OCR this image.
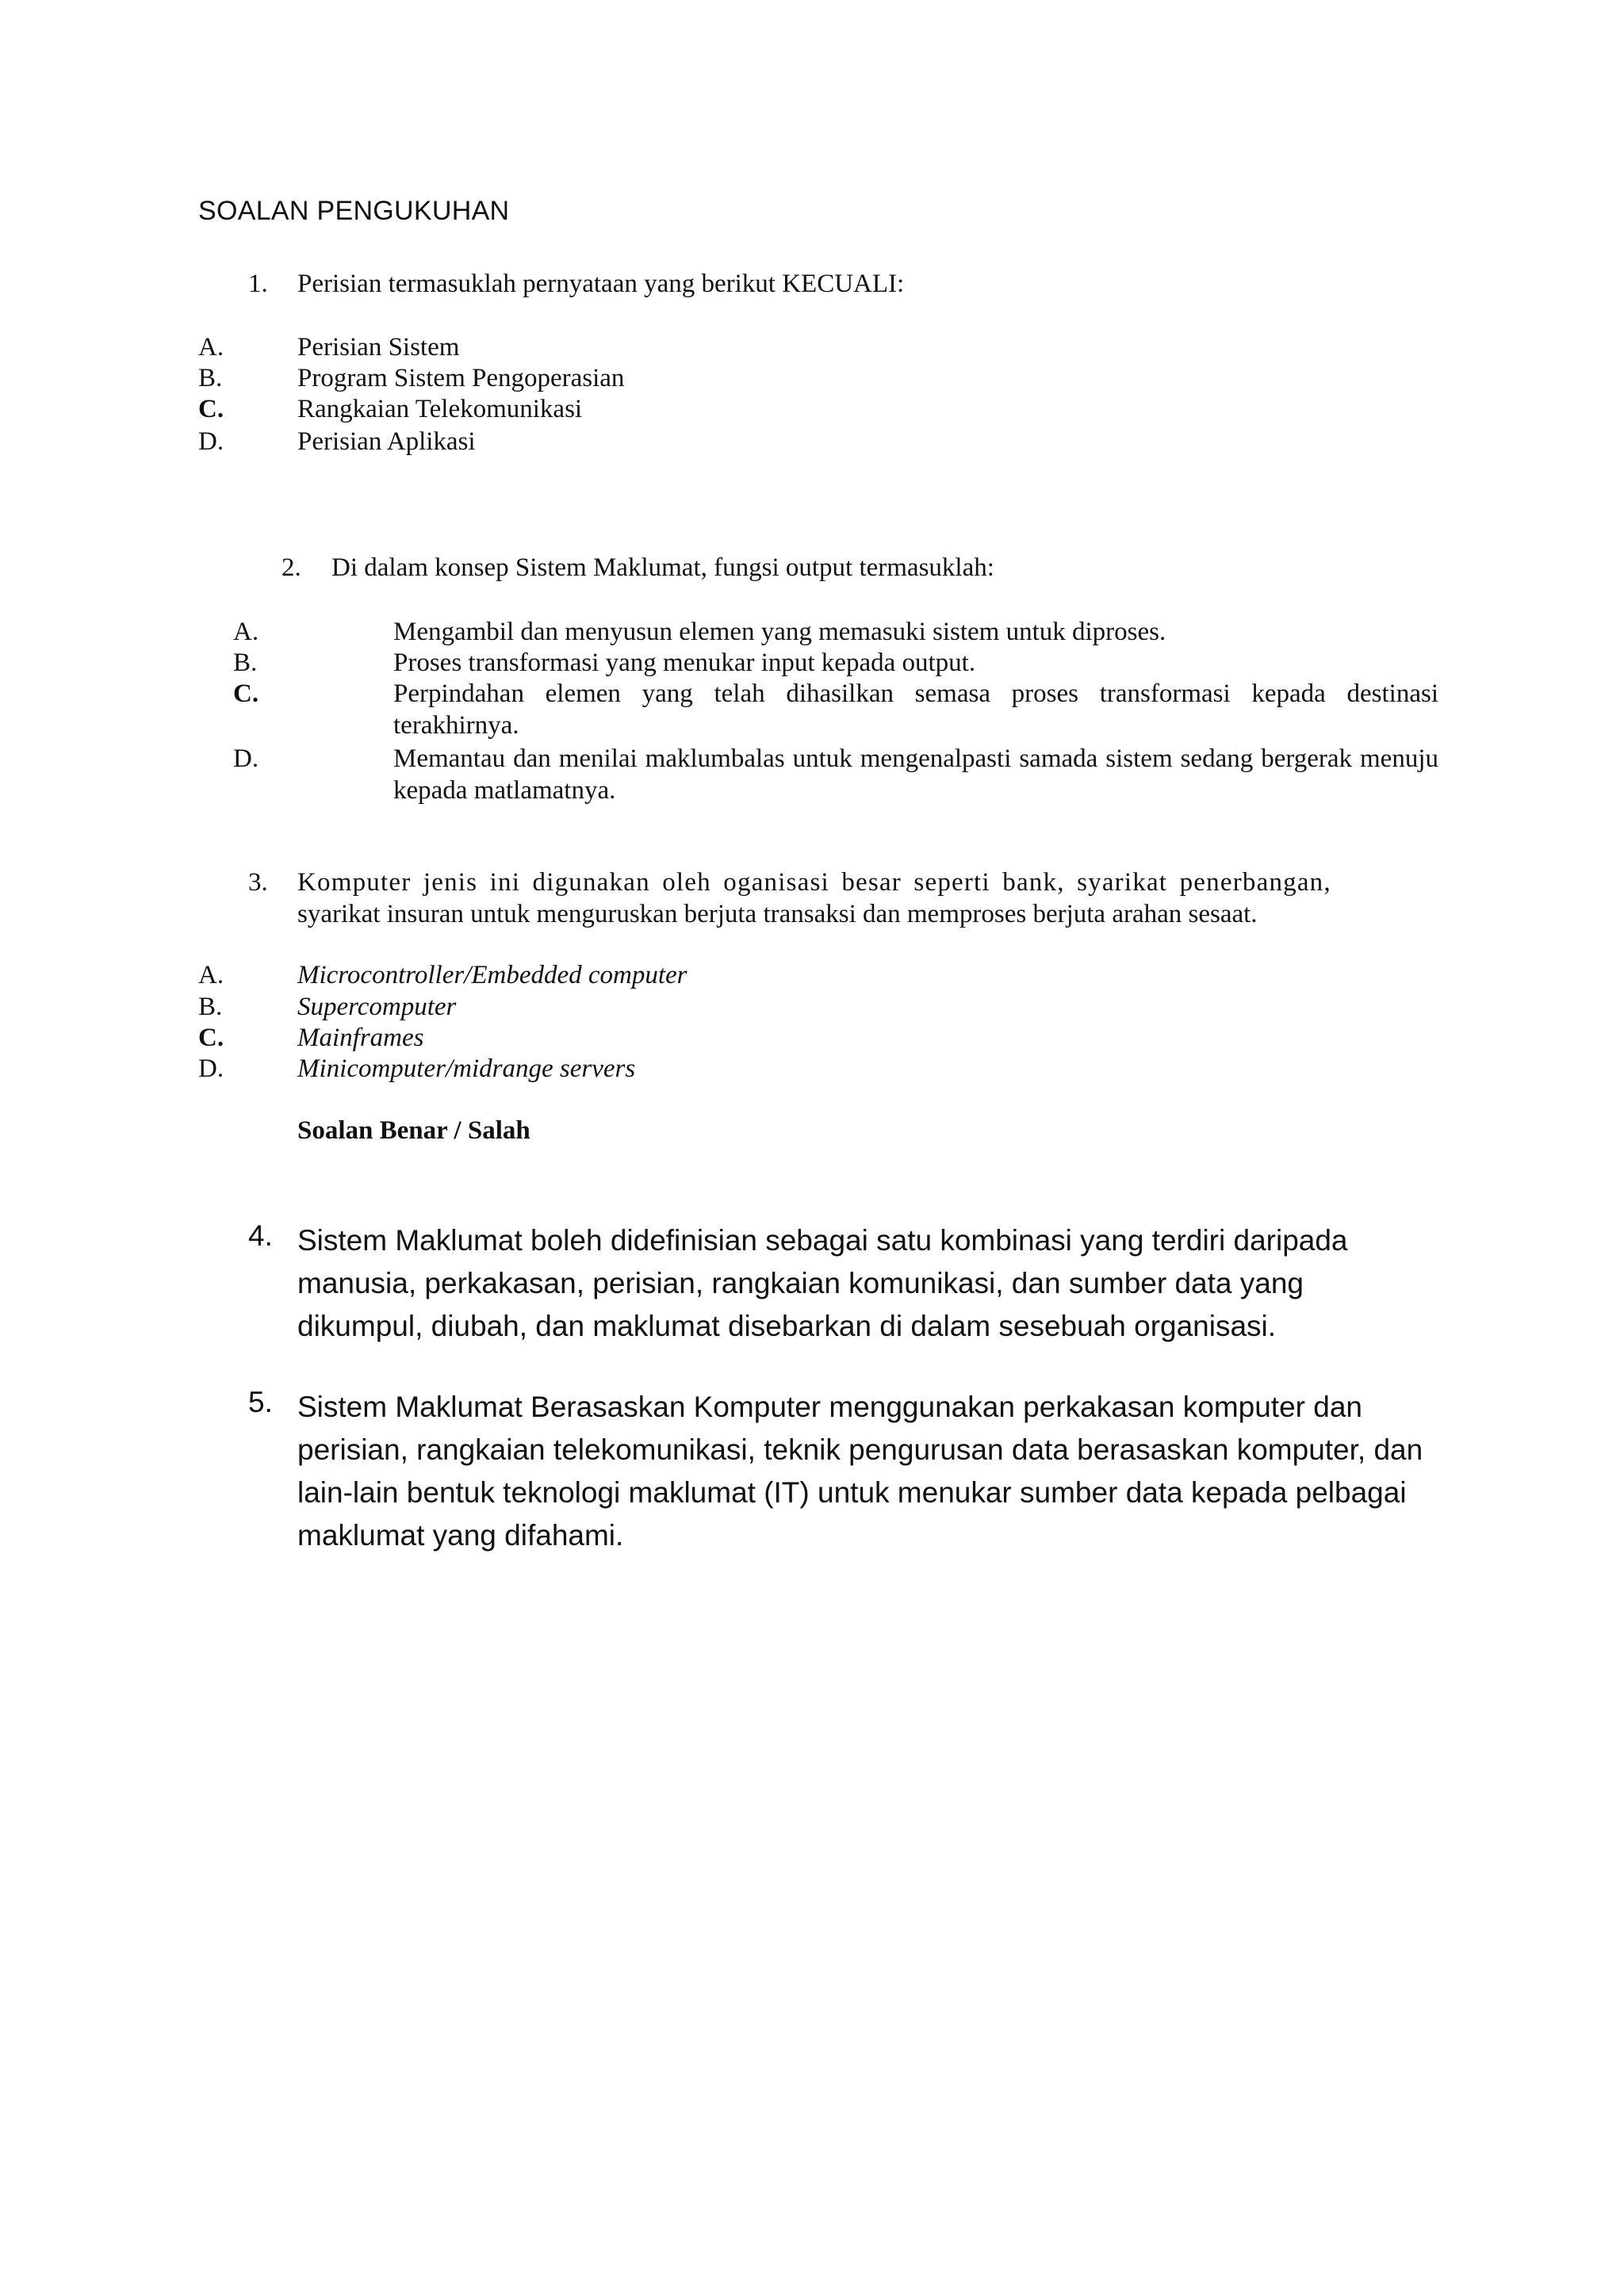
SOALAN PENGUKUHAN
1. Perisian termasuklah pernyataan yang berikut KECUALI:
A.	Perisian Sistem
B.	Program Sistem Pengoperasian
C.	Rangkaian Telekomunikasi
D.	Perisian Aplikasi
2. Di dalam konsep Sistem Maklumat, fungsi output termasuklah:
A.	Mengambil dan menyusun elemen yang memasuki sistem untuk diproses.
B.	Proses transformasi yang menukar input kepada output.
C.	Perpindahan elemen yang telah dihasilkan semasa proses transformasi kepada destinasi terakhirnya.
D.	Memantau dan menilai maklumbalas untuk mengenalpasti samada sistem sedang bergerak menuju kepada matlamatnya.
3. Komputer jenis ini digunakan oleh oganisasi besar seperti bank, syarikat penerbangan,
syarikat insuran untuk menguruskan berjuta transaksi dan memproses berjuta arahan sesaat.
A.	Microcontroller/Embedded computer
B.	Supercomputer
C.	Mainframes
D.	Minicomputer/midrange servers
Soalan Benar / Salah
4. Sistem Maklumat boleh didefinisian sebagai satu kombinasi yang terdiri daripada manusia, perkakasan, perisian, rangkaian komunikasi, dan sumber data yang dikumpul, diubah, dan maklumat disebarkan di dalam sesebuah organisasi.
5. Sistem Maklumat Berasaskan Komputer menggunakan perkakasan komputer dan perisian, rangkaian telekomunikasi, teknik pengurusan data berasaskan komputer, dan lain-lain bentuk teknologi maklumat (IT) untuk menukar sumber data kepada pelbagai maklumat yang difahami.
